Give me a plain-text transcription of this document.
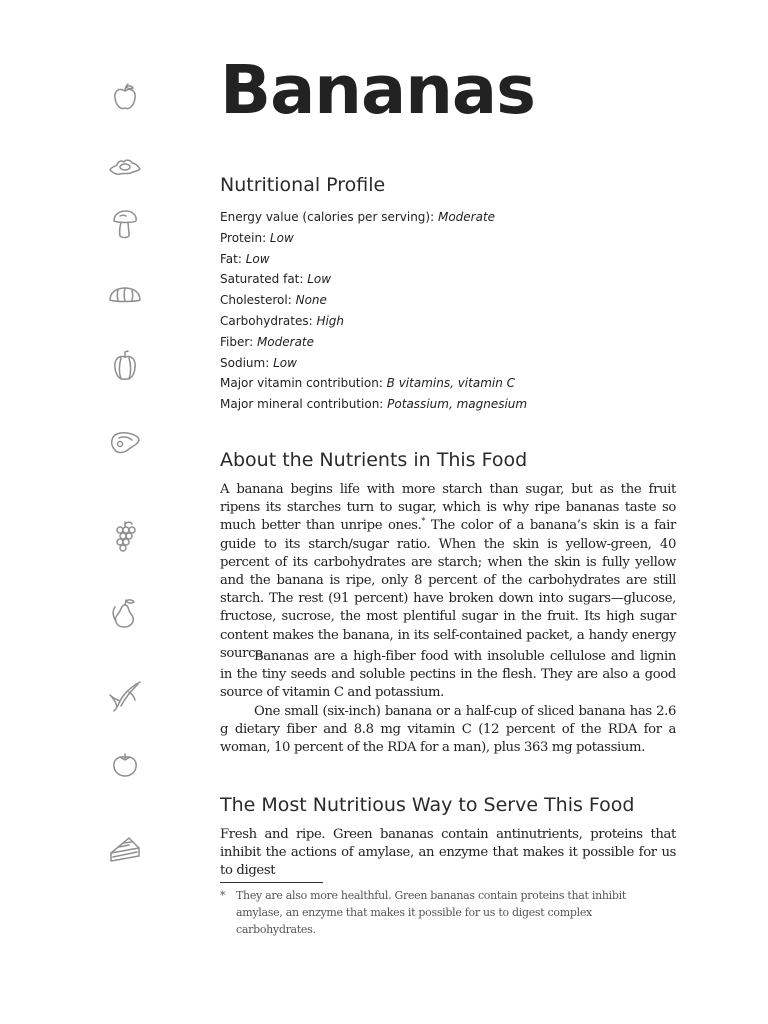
Bananas
Nutritional Profile
Energy value (calories per serving): Moderate
Protein: Low
Fat: Low
Saturated fat: Low
Cholesterol: None
Carbohydrates: High
Fiber: Moderate
Sodium: Low
Major vitamin contribution: B vitamins, vitamin C
Major mineral contribution: Potassium, magnesium
About the Nutrients in This Food

A banana begins life with more starch than sugar, but as the fruit ripens its starches turn to sugar, which is why ripe bananas taste so much better than unripe ones.* The color of a banana’s skin is a fair guide to its starch/sugar ratio. When the skin is yellow-green, 40 percent of its carbohydrates are starch; when the skin is fully yellow and the banana is ripe, only 8 percent of the carbohydrates are still starch. The rest (91 percent) have broken down into sugars—glucose, fructose, sucrose, the most plentiful sugar in the fruit. Its high sugar content makes the banana, in its self-contained packet, a handy energy source.

Bananas are a high-fiber food with insoluble cellulose and lignin in the tiny seeds and soluble pectins in the flesh. They are also a good source of vitamin C and potassium.

One small (six-inch) banana or a half-cup of sliced banana has 2.6 g dietary fiber and 8.8 mg vitamin C (12 percent of the RDA for a woman, 10 percent of the RDA for a man), plus 363 mg potassium.

The Most Nutritious Way to Serve This Food

Fresh and ripe. Green bananas contain antinutrients, proteins that inhibit the actions of amylase, an enzyme that makes it possible for us to digest

* They are also more healthful. Green bananas contain proteins that inhibit amylase, an enzyme that makes it possible for us to digest complex carbohydrates.
